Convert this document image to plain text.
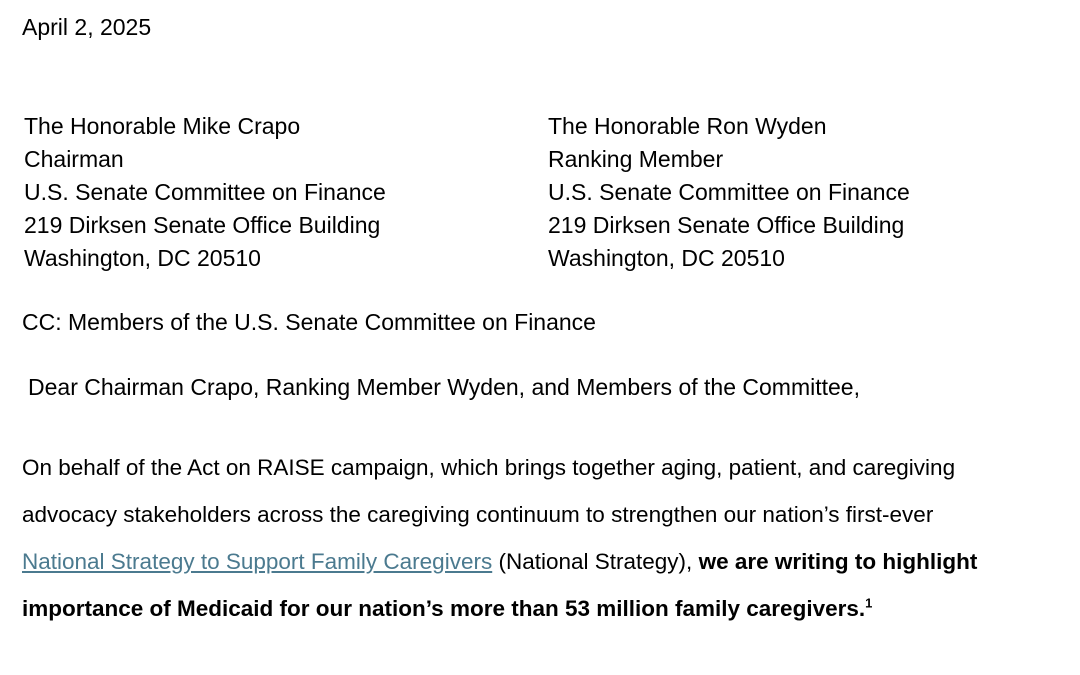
April 2, 2025
The Honorable Mike Crapo
Chairman
U.S. Senate Committee on Finance
219 Dirksen Senate Office Building
Washington, DC 20510
The Honorable Ron Wyden
Ranking Member
U.S. Senate Committee on Finance
219 Dirksen Senate Office Building
Washington, DC 20510
CC: Members of the U.S. Senate Committee on Finance
Dear Chairman Crapo, Ranking Member Wyden, and Members of the Committee,
On behalf of the Act on RAISE campaign, which brings together aging, patient, and caregiving
advocacy stakeholders across the caregiving continuum to strengthen our nation’s first-ever
National Strategy to Support Family Caregivers (National Strategy), we are writing to highlight
importance of Medicaid for our nation’s more than 53 million family caregivers.$^1$
